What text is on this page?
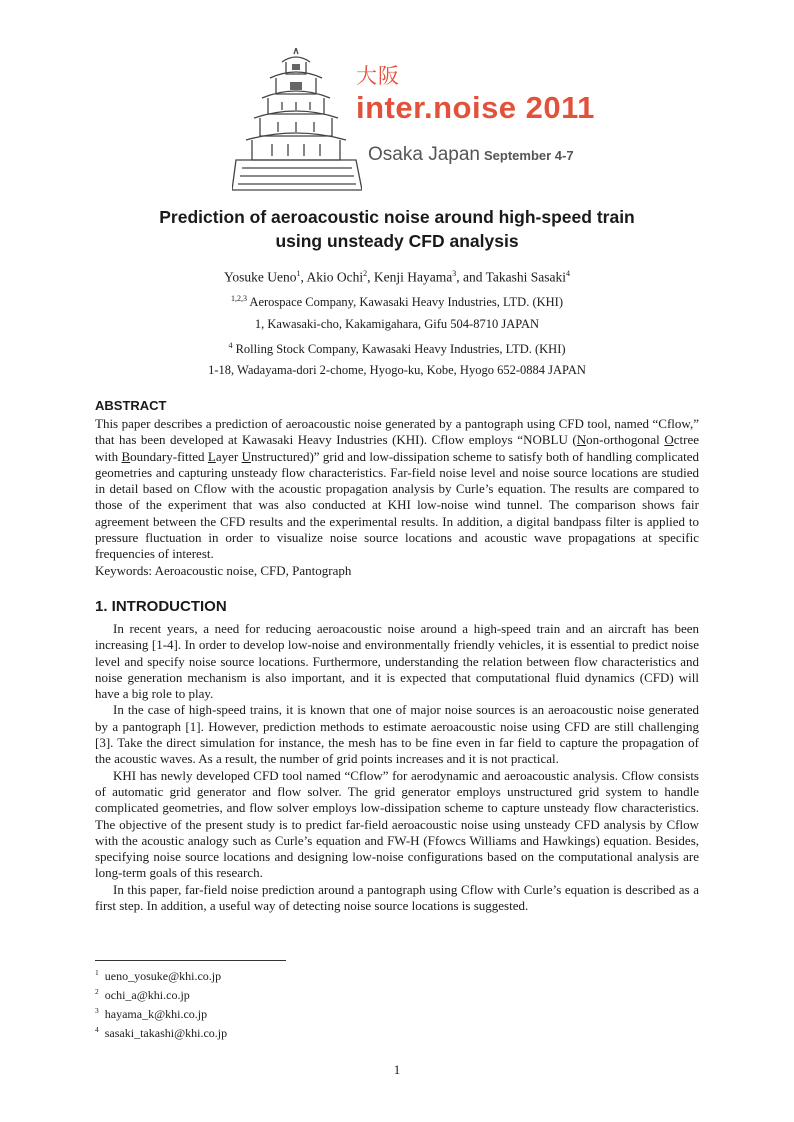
大阪
inter.noise 2011
Osaka Japan September 4-7
Prediction of aeroacoustic noise around high-speed train
using unsteady CFD analysis
Yosuke Ueno$^1$, Akio Ochi$^2$, Kenji Hayama$^3$, and Takashi Sasaki$^4$
$^{1,2,3}$ Aerospace Company, Kawasaki Heavy Industries, LTD. (KHI)
1, Kawasaki-cho, Kakamigahara, Gifu 504-8710 JAPAN
$^4$ Rolling Stock Company, Kawasaki Heavy Industries, LTD. (KHI)
1-18, Wadayama-dori 2-chome, Hyogo-ku, Kobe, Hyogo 652-0884 JAPAN
ABSTRACT

This paper describes a prediction of aeroacoustic noise generated by a pantograph using CFD tool, named “Cflow,” that has been developed at Kawasaki Heavy Industries (KHI). Cflow employs “NOBLU (Non-orthogonal Octree with Boundary-fitted Layer Unstructured)” grid and low-dissipation scheme to satisfy both of handling complicated geometries and capturing unsteady flow characteristics. Far-field noise level and noise source locations are studied in detail based on Cflow with the acoustic propagation analysis by Curle’s equation. The results are compared to those of the experiment that was also conducted at KHI low-noise wind tunnel. The comparison shows fair agreement between the CFD results and the experimental results. In addition, a digital bandpass filter is applied to pressure fluctuation in order to visualize noise source locations and acoustic wave propagations at specific frequencies of interest.

Keywords: Aeroacoustic noise, CFD, Pantograph

1. INTRODUCTION

In recent years, a need for reducing aeroacoustic noise around a high-speed train and an aircraft has been increasing [1-4]. In order to develop low-noise and environmentally friendly vehicles, it is essential to predict noise level and specify noise source locations. Furthermore, understanding the relation between flow characteristics and noise generation mechanism is also important, and it is expected that computational fluid dynamics (CFD) will have a big role to play.

In the case of high-speed trains, it is known that one of major noise sources is an aeroacoustic noise generated by a pantograph [1]. However, prediction methods to estimate aeroacoustic noise using CFD are still challenging [3]. Take the direct simulation for instance, the mesh has to be fine even in far field to capture the propagation of the acoustic waves. As a result, the number of grid points increases and it is not practical.

KHI has newly developed CFD tool named “Cflow” for aerodynamic and aeroacoustic analysis. Cflow consists of automatic grid generator and flow solver. The grid generator employs unstructured grid system to handle complicated geometries, and flow solver employs low-dissipation scheme to capture unsteady flow characteristics. The objective of the present study is to predict far-field aeroacoustic noise using unsteady CFD analysis by Cflow with the acoustic analogy such as Curle’s equation and FW-H (Ffowcs Williams and Hawkings) equation. Besides, specifying noise source locations and designing low-noise configurations based on the computational analysis are long-term goals of this research.

In this paper, far-field noise prediction around a pantograph using Cflow with Curle’s equation is described as a first step. In addition, a useful way of detecting noise source locations is suggested.

$^1$ ueno_yosuke@khi.co.jp
$^2$ ochi_a@khi.co.jp
$^3$ hayama_k@khi.co.jp
$^4$ sasaki_takashi@khi.co.jp
1
